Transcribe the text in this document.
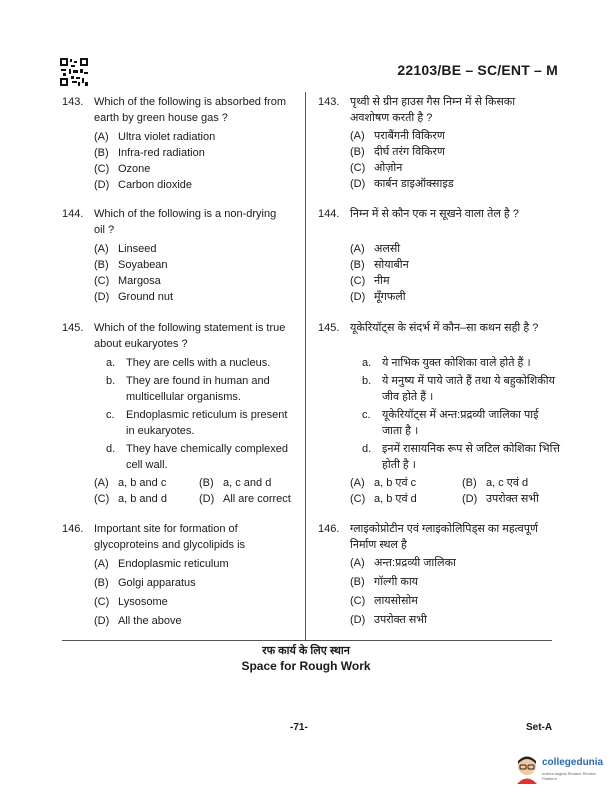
22103/BE – SC/ENT – M
143. Which of the following is absorbed from
earth by green house gas ?
(A) Ultra violet radiation
(B) Infra-red radiation
(C) Ozone
(D) Carbon dioxide
144. Which of the following is a non-drying
oil ?
(A) Linseed
(B) Soyabean
(C) Margosa
(D) Ground nut
145. Which of the following statement is true
about eukaryotes ?
a. They are cells with a nucleus.
b. They are found in human and
multicellular organisms.
c. Endoplasmic reticulum is present
in eukaryotes.
d. They have chemically complexed
cell wall.
(A) a, b and c	(B) a, c and d
(C) a, b and d	(D) All are correct
146. Important site for formation of
glycoproteins and glycolipids is
(A) Endoplasmic reticulum
(B) Golgi apparatus
(C) Lysosome
(D) All the above
143. पृथ्वी से ग्रीन हाउस गैस निम्न में से किसका
अवशोषण करती है ?
(A) पराबैंगनी विकिरण
(B) दीर्घ तरंग विकिरण
(C) ओज़ोन
(D) कार्बन डाइऑक्साइड
144. निम्न में से कौन एक न सूखने वाला तेल है ?
(A) अलसी
(B) सोयाबीन
(C) नीम
(D) मूँगफली
145. यूकेरियॉट्स के संदर्भ में कौन–सा कथन सही है ?
a. ये नाभिक युक्त कोशिका वाले होते हैं ।
b. ये मनुष्य में पाये जाते हैं तथा ये बहुकोशिकीय
जीव होते हैं ।
c. यूकेरियॉट्स में अन्त:प्रद्रव्यी जालिका पाई
जाता है ।
d. इनमें रासायनिक रूप से जटिल कोशिका भित्ति
होती है ।
(A) a, b एवं c	(B) a, c एवं d
(C) a, b एवं d	(D) उपरोक्त सभी
146. ग्लाइकोप्रोटीन एवं ग्लाइकोलिपिड्स का महत्वपूर्ण
निर्माण स्थल है
(A) अन्त:प्रद्रव्यी जालिका
(B) गॉल्गी काय
(C) लायसोसोम
(D) उपरोक्त सभी
रफ कार्य के लिए स्थान
Space for Rough Work
-71-	Set-A
collegedunia
India's largest Student Review Platform
